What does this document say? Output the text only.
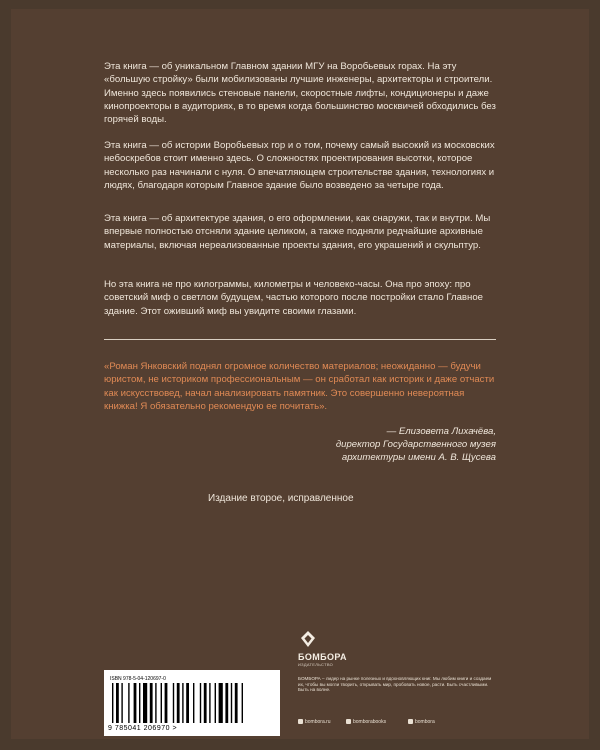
Эта книга — об уникальном Главном здании МГУ на Воробьевых горах. На эту «большую стройку» были мобилизованы лучшие инженеры, архитекторы и строители. Именно здесь появились стеновые панели, скоростные лифты, кондиционеры и даже кинопроекторы в аудиториях, в то время когда большинство москвичей обходились без горячей воды.

Эта книга — об истории Воробьевых гор и о том, почему самый высокий из московских небоскребов стоит именно здесь. О сложностях проектирования высотки, которое несколько раз начинали с нуля. О впечатляющем строительстве здания, технологиях и людях, благодаря которым Главное здание было возведено за четыре года.

Эта книга — об архитектуре здания, о его оформлении, как снаружи, так и внутри. Мы впервые полностью отсняли здание целиком, а также подняли редчайшие архивные материалы, включая нереализованные проекты здания, его украшений и скульптур.

Но эта книга не про килограммы, километры и человеко-часы. Она про эпоху: про советский миф о светлом будущем, частью которого после постройки стало Главное здание. Этот оживший миф вы увидите своими глазами.

«Роман Янковский поднял огромное количество материалов; неожиданно — будучи юристом, не историком профессиональным — он сработал как историк и даже отчасти как искусствовед, начал анализировать памятник. Это совершенно невероятная книжка! Я обязательно рекомендую ее почитать».

— Елизовета Лихачёва,
директор Государственного музея
архитектуры имени А. В. Щусева
Издание второе, исправленное
ISBN 978-5-04-120697-0
9 785041 206970 >
БОМБОРА
ИЗДАТЕЛЬСТВО
БОМБОРА – лидер на рынке полезных и вдохновляющих книг. Мы любим книги и создаем их, чтобы вы могли творить, открывать мир, пробовать новое, расти. Быть счастливыми. Быть на волне.
bombora.ru	bomborabooks	bombora
